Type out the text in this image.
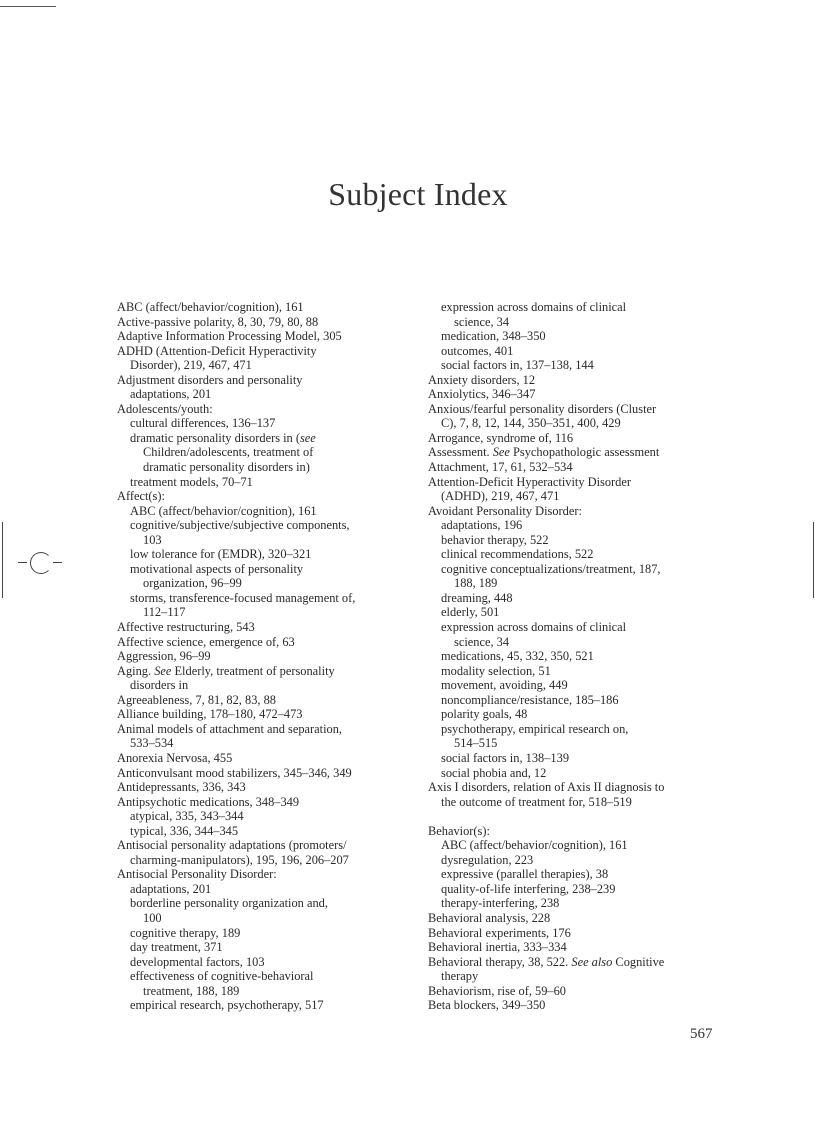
Subject Index
ABC (affect/behavior/cognition), 161
Active-passive polarity, 8, 30, 79, 80, 88
Adaptive Information Processing Model, 305
ADHD (Attention-Deficit Hyperactivity
Disorder), 219, 467, 471
Adjustment disorders and personality
adaptations, 201
Adolescents/youth:
cultural differences, 136–137
dramatic personality disorders in (see
Children/adolescents, treatment of
dramatic personality disorders in)
treatment models, 70–71
Affect(s):
ABC (affect/behavior/cognition), 161
cognitive/subjective/subjective components,
103
low tolerance for (EMDR), 320–321
motivational aspects of personality
organization, 96–99
storms, transference-focused management of,
112–117
Affective restructuring, 543
Affective science, emergence of, 63
Aggression, 96–99
Aging. See Elderly, treatment of personality
disorders in
Agreeableness, 7, 81, 82, 83, 88
Alliance building, 178–180, 472–473
Animal models of attachment and separation,
533–534
Anorexia Nervosa, 455
Anticonvulsant mood stabilizers, 345–346, 349
Antidepressants, 336, 343
Antipsychotic medications, 348–349
atypical, 335, 343–344
typical, 336, 344–345
Antisocial personality adaptations (promoters/
charming-manipulators), 195, 196, 206–207
Antisocial Personality Disorder:
adaptations, 201
borderline personality organization and,
100
cognitive therapy, 189
day treatment, 371
developmental factors, 103
effectiveness of cognitive-behavioral
treatment, 188, 189
empirical research, psychotherapy, 517
expression across domains of clinical
science, 34
medication, 348–350
outcomes, 401
social factors in, 137–138, 144
Anxiety disorders, 12
Anxiolytics, 346–347
Anxious/fearful personality disorders (Cluster
C), 7, 8, 12, 144, 350–351, 400, 429
Arrogance, syndrome of, 116
Assessment. See Psychopathologic assessment
Attachment, 17, 61, 532–534
Attention-Deficit Hyperactivity Disorder
(ADHD), 219, 467, 471
Avoidant Personality Disorder:
adaptations, 196
behavior therapy, 522
clinical recommendations, 522
cognitive conceptualizations/treatment, 187,
188, 189
dreaming, 448
elderly, 501
expression across domains of clinical
science, 34
medications, 45, 332, 350, 521
modality selection, 51
movement, avoiding, 449
noncompliance/resistance, 185–186
polarity goals, 48
psychotherapy, empirical research on,
514–515
social factors in, 138–139
social phobia and, 12
Axis I disorders, relation of Axis II diagnosis to
the outcome of treatment for, 518–519
Behavior(s):
ABC (affect/behavior/cognition), 161
dysregulation, 223
expressive (parallel therapies), 38
quality-of-life interfering, 238–239
therapy-interfering, 238
Behavioral analysis, 228
Behavioral experiments, 176
Behavioral inertia, 333–334
Behavioral therapy, 38, 522. See also Cognitive
therapy
Behaviorism, rise of, 59–60
Beta blockers, 349–350
567
